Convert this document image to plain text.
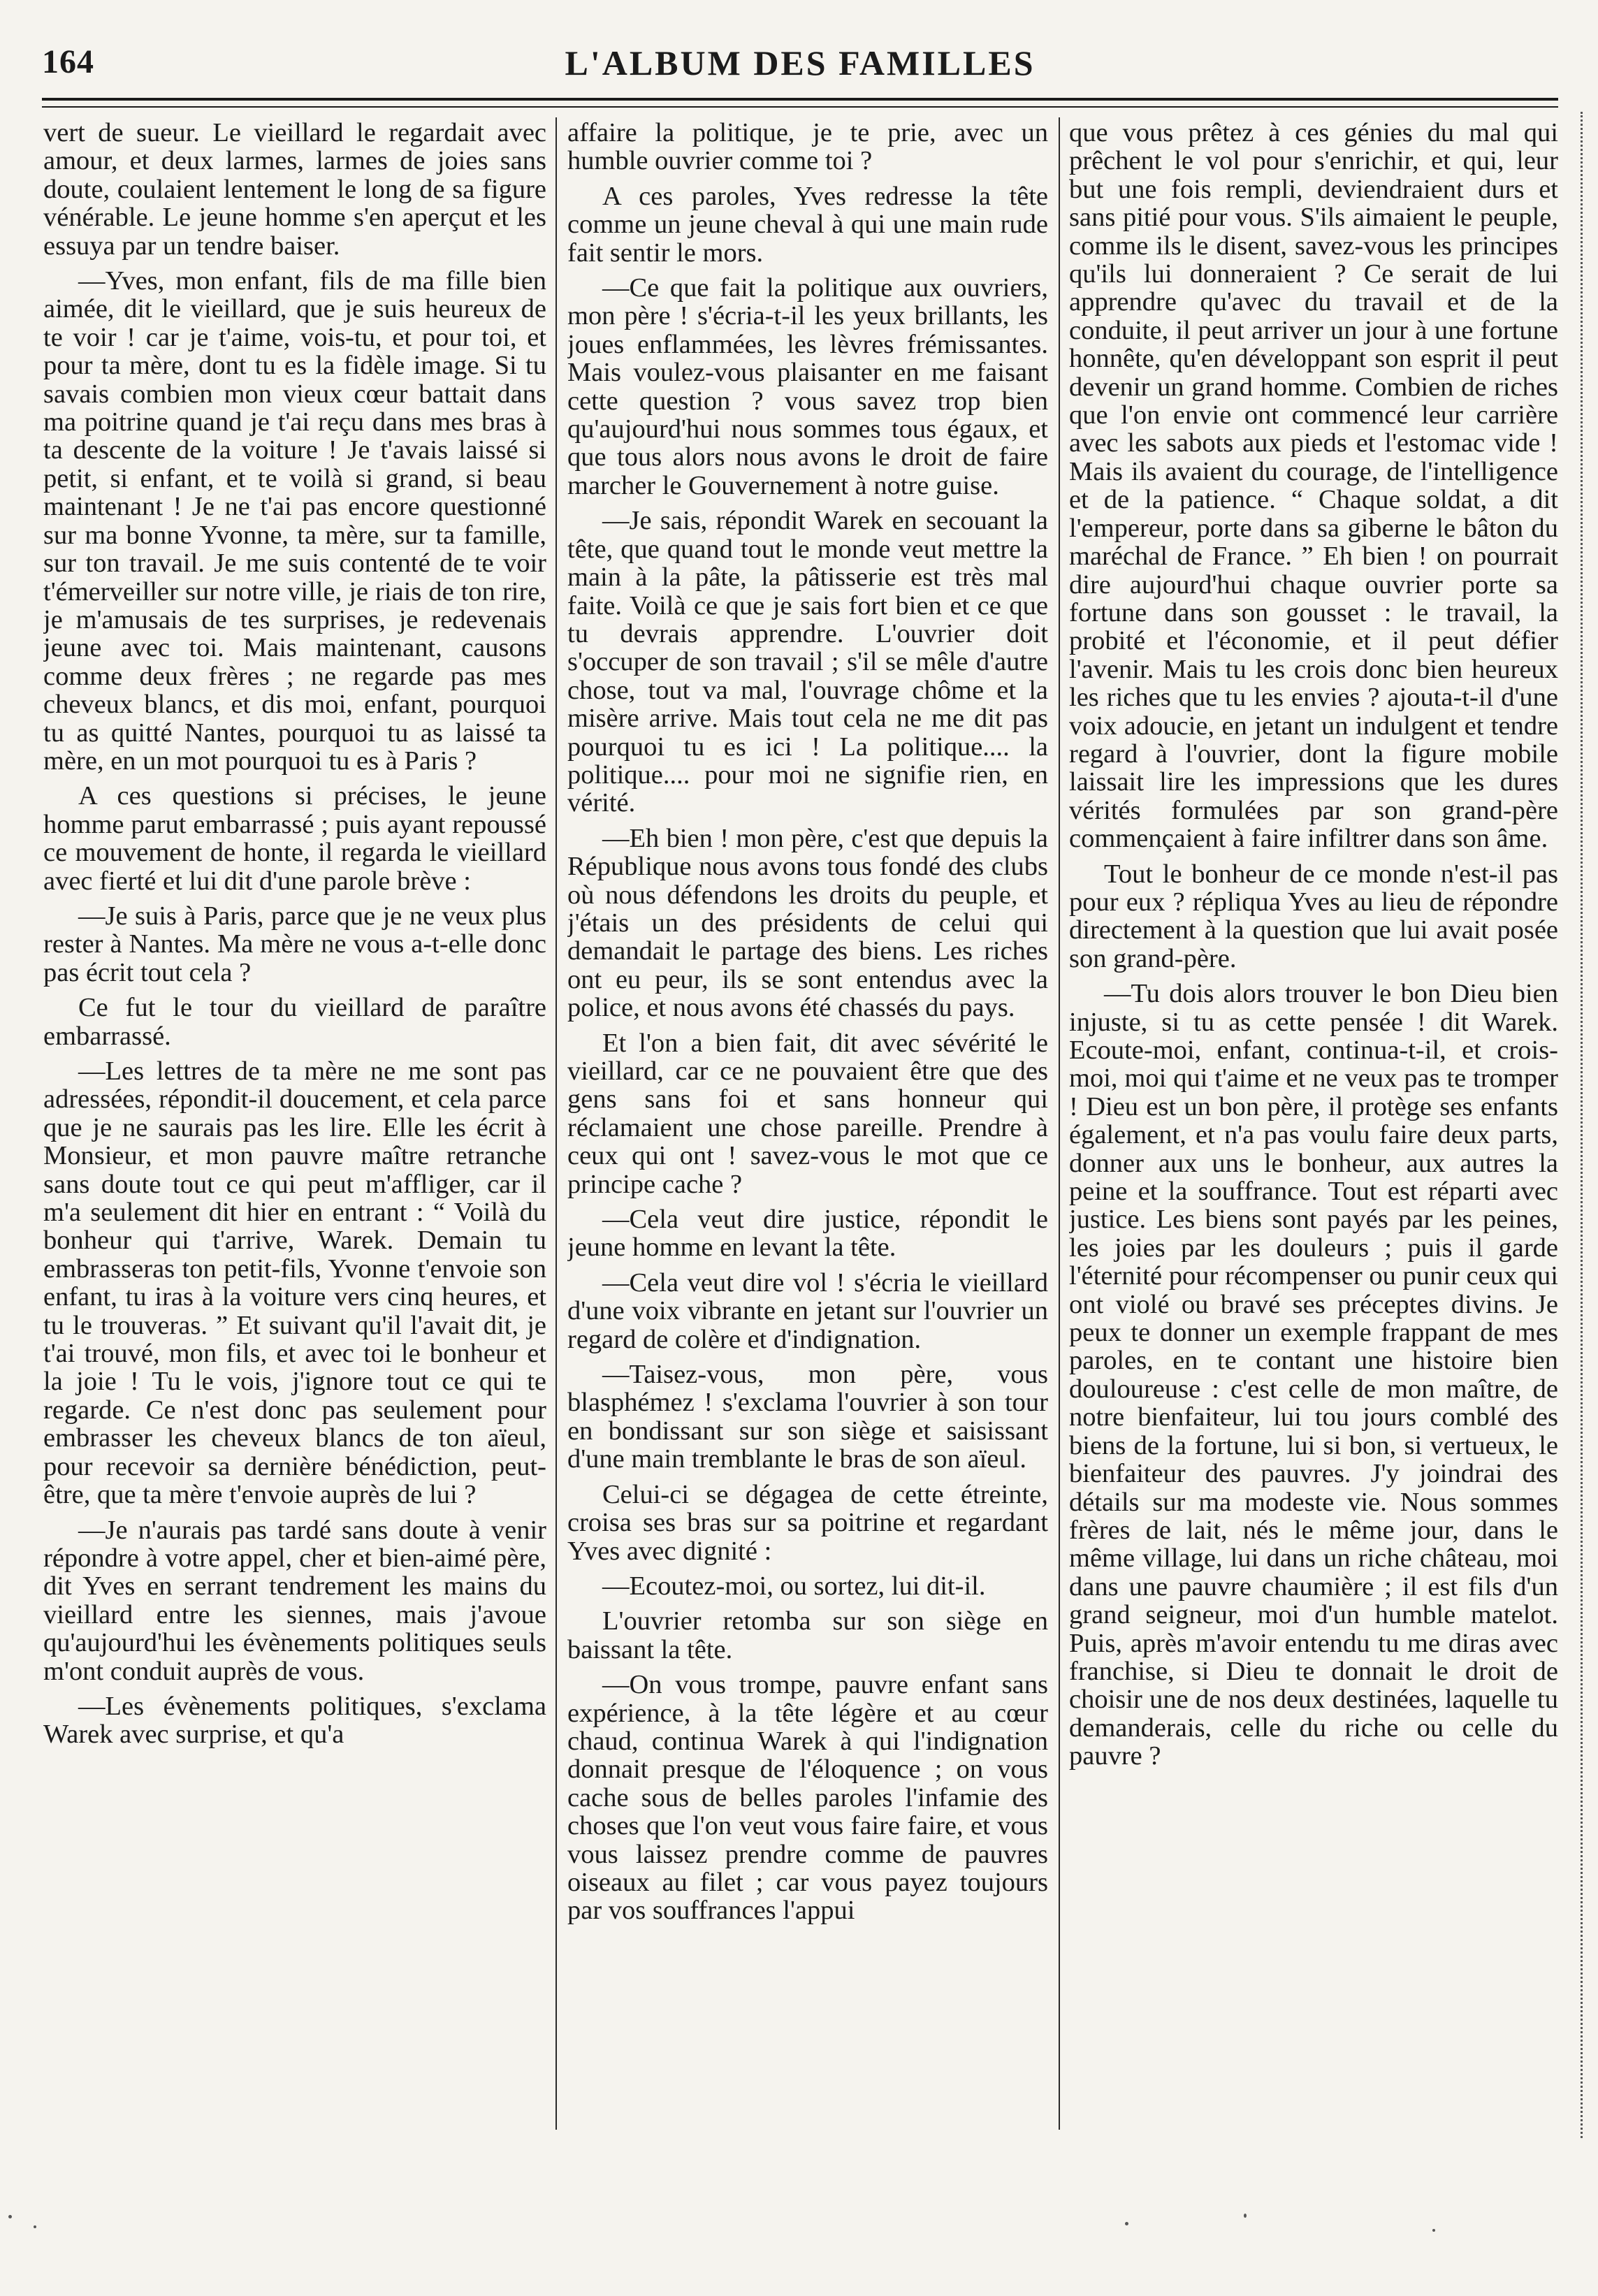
164	L'ALBUM DES FAMILLES

vert de sueur. Le vieillard le regardait avec amour, et deux larmes, larmes de joies sans doute, coulaient lentement le long de sa figure vénérable. Le jeune homme s'en aperçut et les essuya par un tendre baiser.

—Yves, mon enfant, fils de ma fille bien aimée, dit le vieillard, que je suis heureux de te voir ! car je t'aime, vois-tu, et pour toi, et pour ta mère, dont tu es la fidèle image. Si tu savais combien mon vieux cœur battait dans ma poitrine quand je t'ai reçu dans mes bras à ta descente de la voiture ! Je t'avais laissé si petit, si enfant, et te voilà si grand, si beau maintenant ! Je ne t'ai pas encore questionné sur ma bonne Yvonne, ta mère, sur ta famille, sur ton travail. Je me suis contenté de te voir t'émerveiller sur notre ville, je riais de ton rire, je m'amusais de tes surprises, je redevenais jeune avec toi. Mais maintenant, causons comme deux frères ; ne regarde pas mes cheveux blancs, et dis moi, enfant, pourquoi tu as quitté Nantes, pourquoi tu as laissé ta mère, en un mot pourquoi tu es à Paris ?

A ces questions si précises, le jeune homme parut embarrassé ; puis ayant repoussé ce mouvement de honte, il regarda le vieillard avec fierté et lui dit d'une parole brève :

—Je suis à Paris, parce que je ne veux plus rester à Nantes. Ma mère ne vous a-t-elle donc pas écrit tout cela ?

Ce fut le tour du vieillard de paraître embarrassé.

—Les lettres de ta mère ne me sont pas adressées, répondit-il doucement, et cela parce que je ne saurais pas les lire. Elle les écrit à Monsieur, et mon pauvre maître retranche sans doute tout ce qui peut m'affliger, car il m'a seulement dit hier en entrant : “ Voilà du bonheur qui t'arrive, Warek. Demain tu embrasseras ton petit-fils, Yvonne t'envoie son enfant, tu iras à la voiture vers cinq heures, et tu le trouveras. ” Et suivant qu'il l'avait dit, je t'ai trouvé, mon fils, et avec toi le bonheur et la joie ! Tu le vois, j'ignore tout ce qui te regarde. Ce n'est donc pas seulement pour embrasser les cheveux blancs de ton aïeul, pour recevoir sa dernière bénédiction, peut-être, que ta mère t'envoie auprès de lui ?

—Je n'aurais pas tardé sans doute à venir répondre à votre appel, cher et bien-aimé père, dit Yves en serrant tendrement les mains du vieillard entre les siennes, mais j'avoue qu'aujourd'hui les évènements politiques seuls m'ont conduit auprès de vous.

—Les évènements politiques, s'exclama Warek avec surprise, et qu'a

affaire la politique, je te prie, avec un humble ouvrier comme toi ?

A ces paroles, Yves redresse la tête comme un jeune cheval à qui une main rude fait sentir le mors.

—Ce que fait la politique aux ouvriers, mon père ! s'écria-t-il les yeux brillants, les joues enflammées, les lèvres frémissantes. Mais voulez-vous plaisanter en me faisant cette question ? vous savez trop bien qu'aujourd'hui nous sommes tous égaux, et que tous alors nous avons le droit de faire marcher le Gouvernement à notre guise.

—Je sais, répondit Warek en secouant la tête, que quand tout le monde veut mettre la main à la pâte, la pâtisserie est très mal faite. Voilà ce que je sais fort bien et ce que tu devrais apprendre. L'ouvrier doit s'occuper de son travail ; s'il se mêle d'autre chose, tout va mal, l'ouvrage chôme et la misère arrive. Mais tout cela ne me dit pas pourquoi tu es ici ! La politique.... la politique.... pour moi ne signifie rien, en vérité.

—Eh bien ! mon père, c'est que depuis la République nous avons tous fondé des clubs où nous défendons les droits du peuple, et j'étais un des présidents de celui qui demandait le partage des biens. Les riches ont eu peur, ils se sont entendus avec la police, et nous avons été chassés du pays.

Et l'on a bien fait, dit avec sévérité le vieillard, car ce ne pouvaient être que des gens sans foi et sans honneur qui réclamaient une chose pareille. Prendre à ceux qui ont ! savez-vous le mot que ce principe cache ?

—Cela veut dire justice, répondit le jeune homme en levant la tête.

—Cela veut dire vol ! s'écria le vieillard d'une voix vibrante en jetant sur l'ouvrier un regard de colère et d'indignation.

—Taisez-vous, mon père, vous blasphémez ! s'exclama l'ouvrier à son tour en bondissant sur son siège et saisissant d'une main tremblante le bras de son aïeul.

Celui-ci se dégagea de cette étreinte, croisa ses bras sur sa poitrine et regardant Yves avec dignité :

—Ecoutez-moi, ou sortez, lui dit-il.

L'ouvrier retomba sur son siège en baissant la tête.

—On vous trompe, pauvre enfant sans expérience, à la tête légère et au cœur chaud, continua Warek à qui l'indignation donnait presque de l'éloquence ; on vous cache sous de belles paroles l'infamie des choses que l'on veut vous faire faire, et vous vous laissez prendre comme de pauvres oiseaux au filet ; car vous payez toujours par vos souffrances l'appui

que vous prêtez à ces génies du mal qui prêchent le vol pour s'enrichir, et qui, leur but une fois rempli, deviendraient durs et sans pitié pour vous. S'ils aimaient le peuple, comme ils le disent, savez-vous les principes qu'ils lui donneraient ? Ce serait de lui apprendre qu'avec du travail et de la conduite, il peut arriver un jour à une fortune honnête, qu'en développant son esprit il peut devenir un grand homme. Combien de riches que l'on envie ont commencé leur carrière avec les sabots aux pieds et l'estomac vide ! Mais ils avaient du courage, de l'intelligence et de la patience. “ Chaque soldat, a dit l'empereur, porte dans sa giberne le bâton du maréchal de France. ” Eh bien ! on pourrait dire aujourd'hui chaque ouvrier porte sa fortune dans son gousset : le travail, la probité et l'économie, et il peut défier l'avenir. Mais tu les crois donc bien heureux les riches que tu les envies ? ajouta-t-il d'une voix adoucie, en jetant un indulgent et tendre regard à l'ouvrier, dont la figure mobile laissait lire les impressions que les dures vérités formulées par son grand-père commençaient à faire infiltrer dans son âme.

Tout le bonheur de ce monde n'est-il pas pour eux ? répliqua Yves au lieu de répondre directement à la question que lui avait posée son grand-père.

—Tu dois alors trouver le bon Dieu bien injuste, si tu as cette pensée ! dit Warek. Ecoute-moi, enfant, continua-t-il, et crois-moi, moi qui t'aime et ne veux pas te tromper ! Dieu est un bon père, il protège ses enfants également, et n'a pas voulu faire deux parts, donner aux uns le bonheur, aux autres la peine et la souffrance. Tout est réparti avec justice. Les biens sont payés par les peines, les joies par les douleurs ; puis il garde l'éternité pour récompenser ou punir ceux qui ont violé ou bravé ses préceptes divins. Je peux te donner un exemple frappant de mes paroles, en te contant une histoire bien douloureuse : c'est celle de mon maître, de notre bienfaiteur, lui tou jours comblé des biens de la fortune, lui si bon, si vertueux, le bienfaiteur des pauvres. J'y joindrai des détails sur ma modeste vie. Nous sommes frères de lait, nés le même jour, dans le même village, lui dans un riche château, moi dans une pauvre chaumière ; il est fils d'un grand seigneur, moi d'un humble matelot. Puis, après m'avoir entendu tu me diras avec franchise, si Dieu te donnait le droit de choisir une de nos deux destinées, laquelle tu demanderais, celle du riche ou celle du pauvre ?
